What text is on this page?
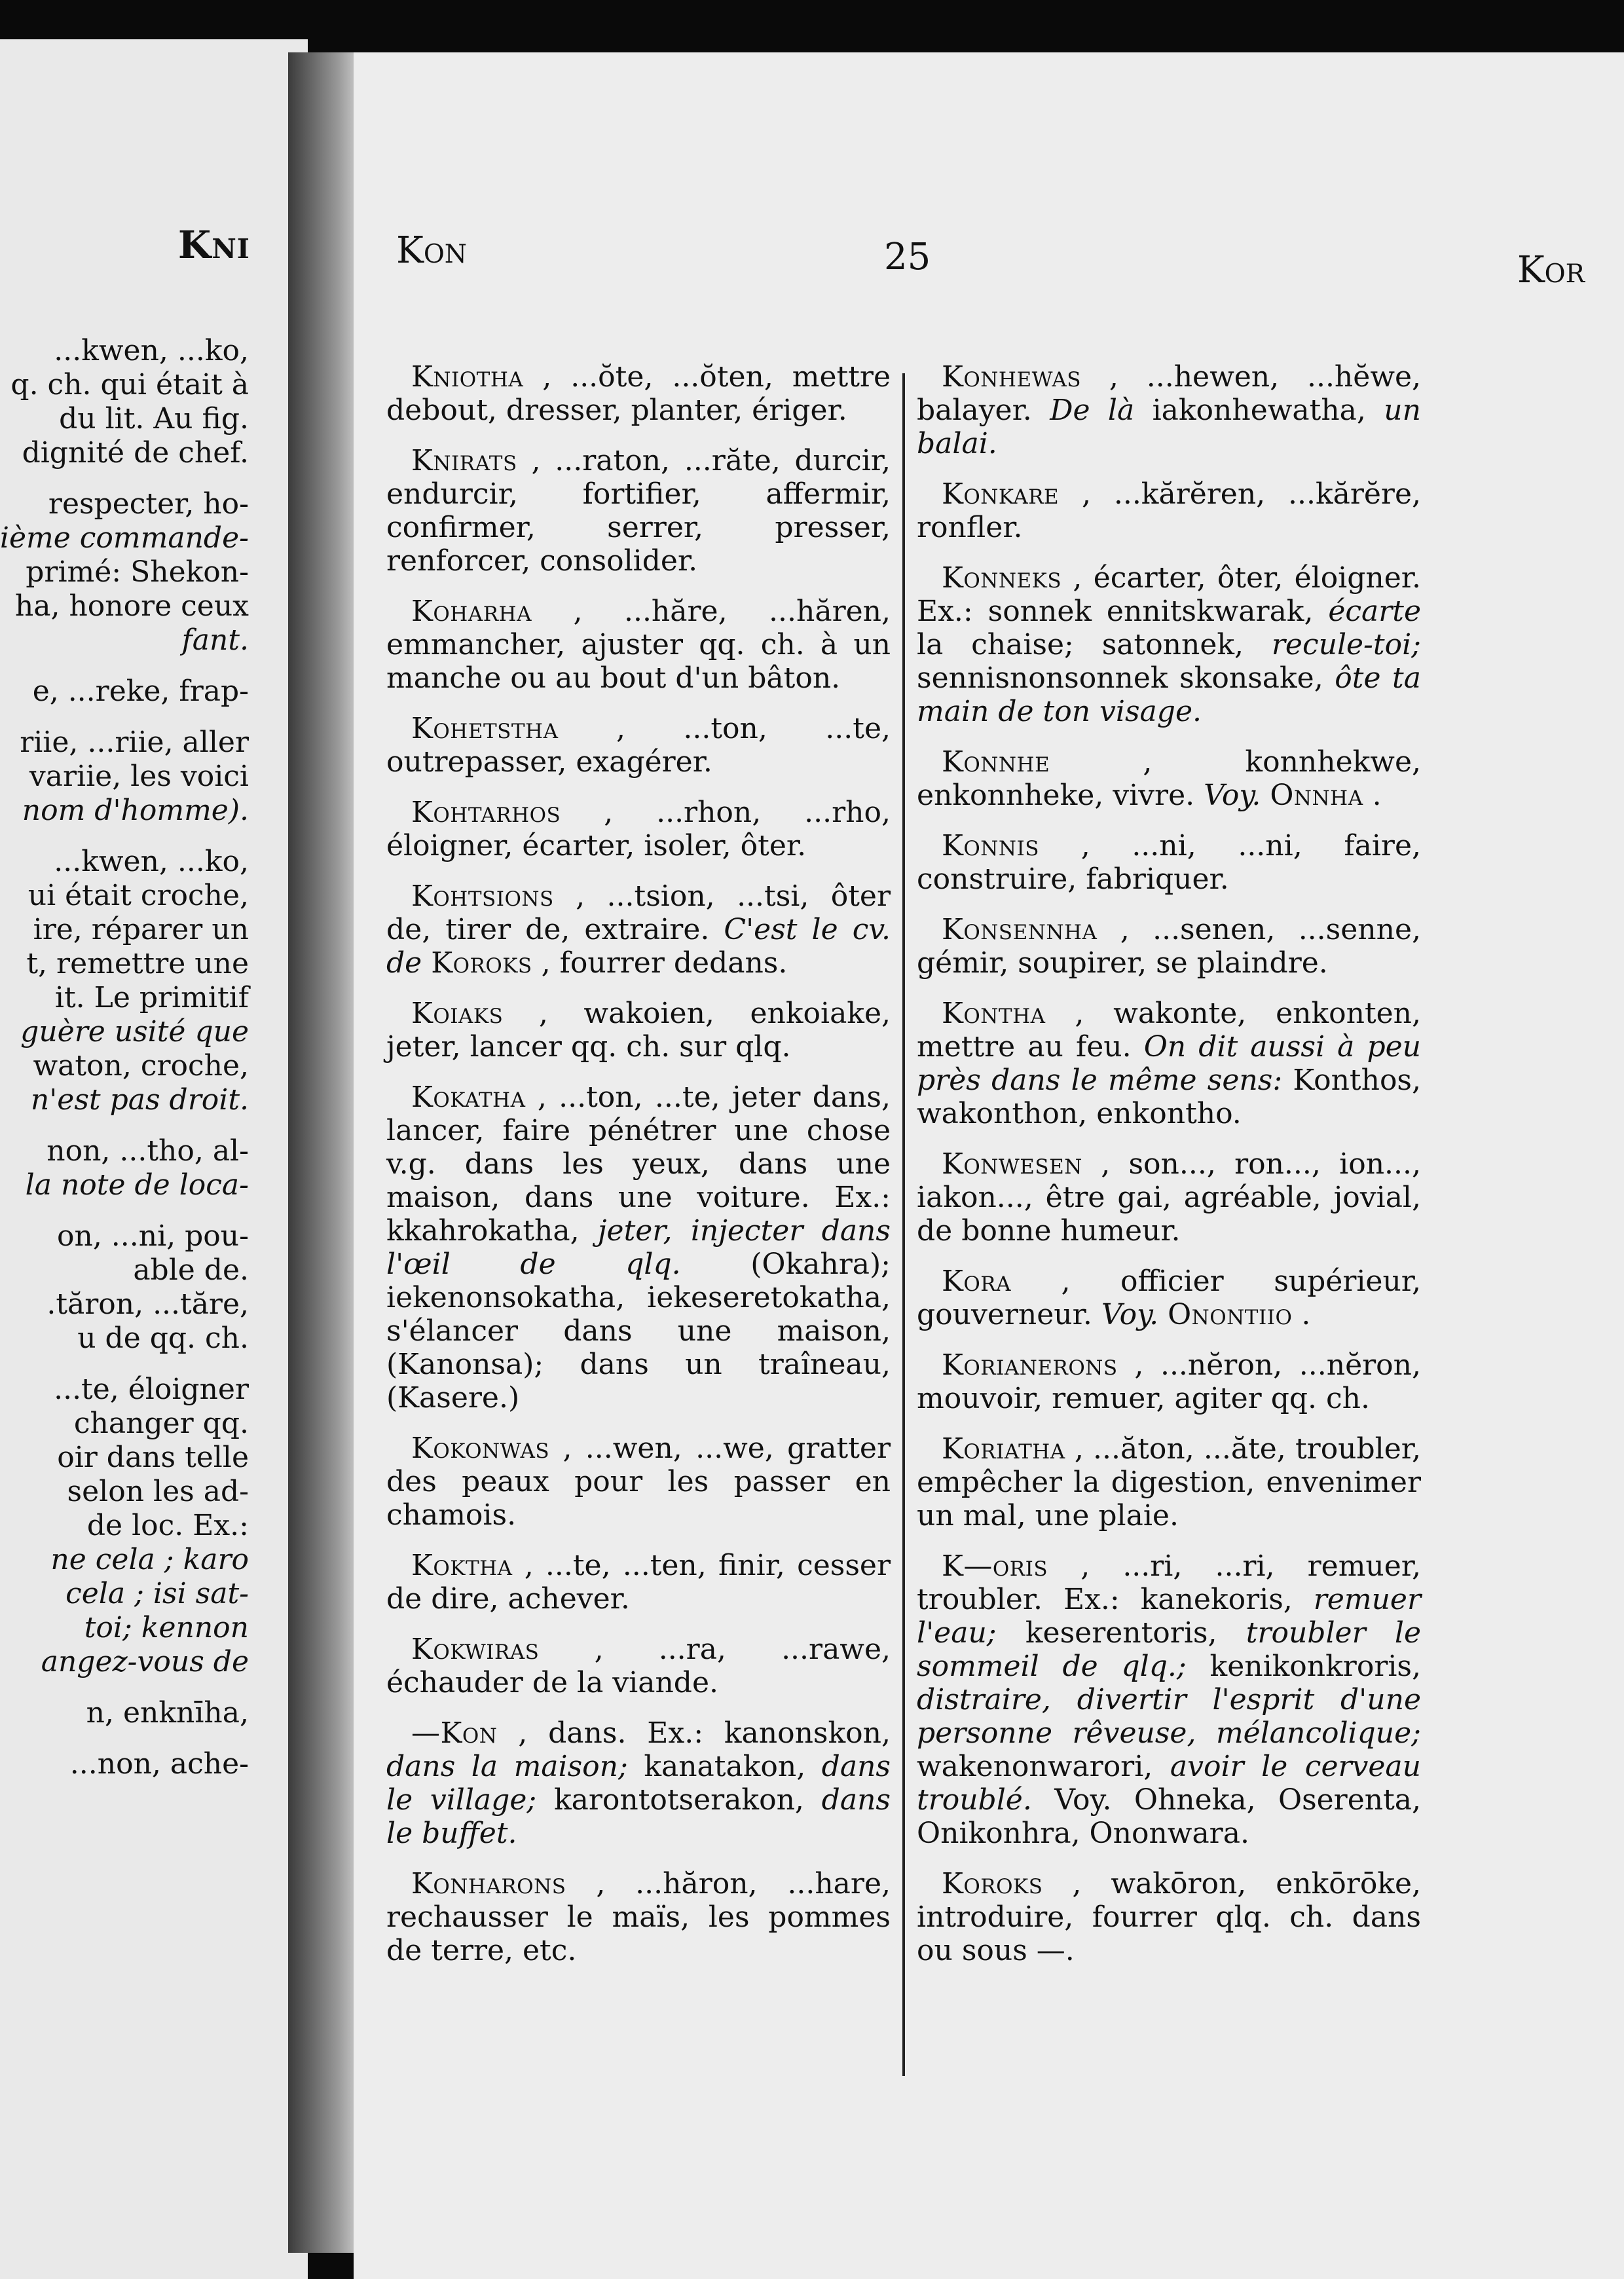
Kni
...kwen, ...ko,
q. ch. qui était à
du lit. Au fig.
dignité de chef.
respecter, ho-
ième commande-
primé: Shekon-
ha, honore ceux
fant.
e, ...reke, frap-
riie, ...riie, aller
variie, les voici
nom d'homme).
...kwen, ...ko,
ui était croche,
ire, réparer un
t, remettre une
it. Le primitif
guère usité que
waton, croche,
n'est pas droit.
non, ...tho, al-
la note de loca-
on, ...ni, pou-
able de.
.tăron, ...tăre,
u de qq. ch.
...te, éloigner
changer qq.
oir dans telle
selon les ad-
de loc. Ex.:
ne cela ; karo
cela ; isi sat-
toi; kennon
angez-vous de
n, enknīha,
...non, ache-
Kon	25	Kor

Kniotha , ...ŏte, ...ŏten, mettre debout, dresser, planter, ériger.

Knirats , ...raton, ...răte, durcir, endurcir, fortifier, affermir, confirmer, serrer, presser, renforcer, consolider.

Koharha , ...hăre, ...hăren, emmancher, ajuster qq. ch. à un manche ou au bout d'un bâton.

Kohetstha , ...ton, ...te, outrepasser, exagérer.

Kohtarhos , ...rhon, ...rho, éloigner, écarter, isoler, ôter.

Kohtsions , ...tsion, ...tsi, ôter de, tirer de, extraire. C'est le cv. de Koroks , fourrer dedans.

Koiaks , wakoien, enkoiake, jeter, lancer qq. ch. sur qlq.

Kokatha , ...ton, ...te, jeter dans, lancer, faire pénétrer une chose v.g. dans les yeux, dans une maison, dans une voiture. Ex.: kkahrokatha, jeter, injecter dans l'œil de qlq. (Okahra); iekenonsokatha, iekeseretokatha, s'élancer dans une maison, (Kanonsa); dans un traîneau, (Kasere.)

Kokonwas , ...wen, ...we, gratter des peaux pour les passer en chamois.

Koktha , ...te, ...ten, finir, cesser de dire, achever.

Kokwiras , ...ra, ...rawe, échauder de la viande.

—Kon , dans. Ex.: kanonskon, dans la maison; kanatakon, dans le village; karontotserakon, dans le buffet.

Konharons , ...hăron, ...hare, rechausser le maïs, les pommes de terre, etc.

Konhewas , ...hewen, ...hĕwe, balayer. De là iakonhewatha, un balai.

Konkare , ...kărĕren, ...kărĕre, ronfler.

Konneks , écarter, ôter, éloigner. Ex.: sonnek ennitskwarak, écarte la chaise; satonnek, recule-toi; sennisnonsonnek skonsake, ôte ta main de ton visage.

Konnhe	, konnhekwe, enkonnheke, vivre. Voy. Onnha .

Konnis , ...ni, ...ni, faire, construire, fabriquer.

Konsennha , ...senen, ...senne, gémir, soupirer, se plaindre.

Kontha , wakonte, enkonten, mettre au feu. On dit aussi à peu près dans le même sens: Konthos, wakonthon, enkontho.

Konwesen , son..., ron..., ion..., iakon..., être gai, agréable, jovial, de bonne humeur.

Kora , officier supérieur, gouverneur. Voy. Onontiio .

Korianerons , ...nĕron, ...nĕron, mouvoir, remuer, agiter qq. ch.

Koriatha , ...ăton, ...ăte, troubler, empêcher la digestion, envenimer un mal, une plaie.

K—oris , ...ri, ...ri, remuer, troubler. Ex.: kanekoris, remuer l'eau; keserentoris, troubler le sommeil de qlq.; kenikonkroris, distraire, divertir l'esprit d'une personne rêveuse, mélancolique; wakenonwarori, avoir le cerveau troublé. Voy. Ohneka, Oserenta, Onikonhra, Ononwara.

Koroks , wakōron, enkōrōke, introduire, fourrer qlq. ch. dans ou sous —.
